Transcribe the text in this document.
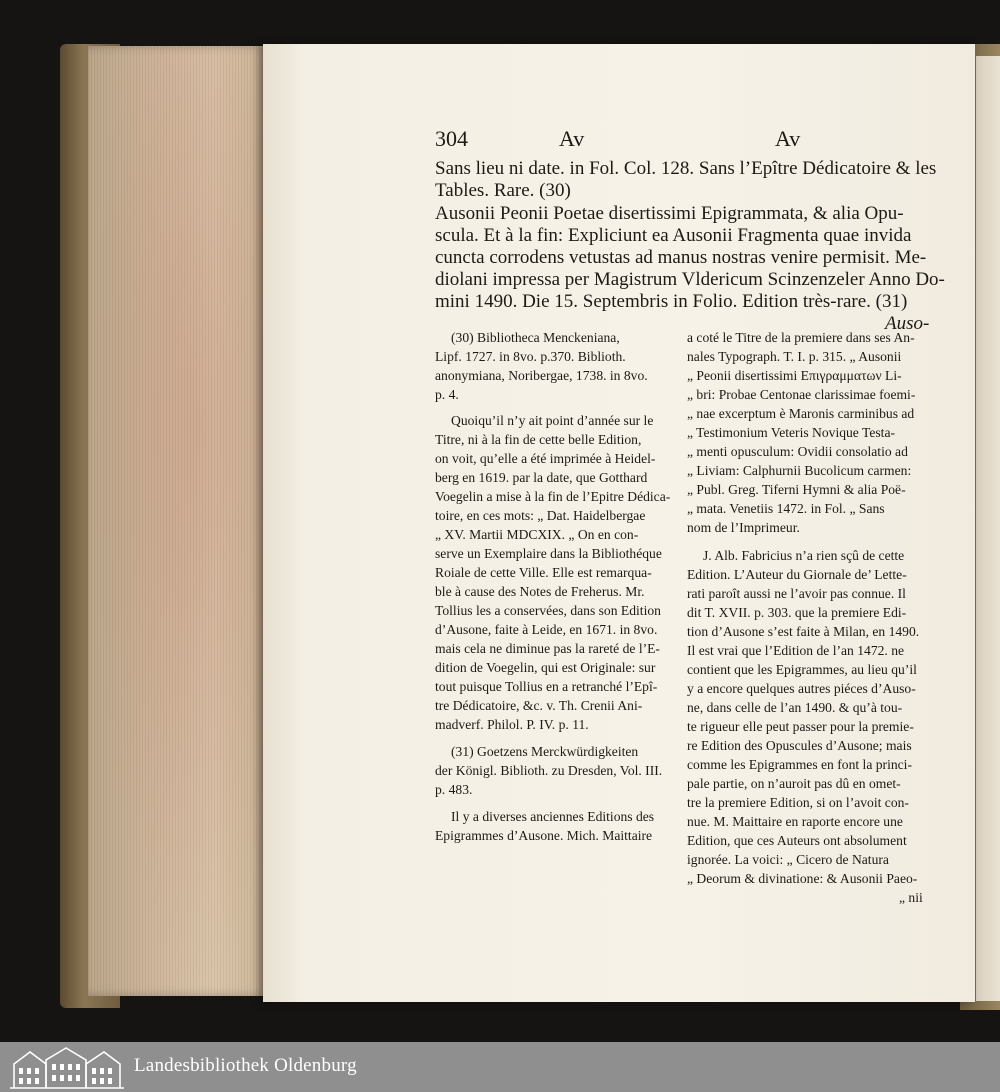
304	Av	Av
Sans lieu ni date. in Fol. Col. 128. Sans l’Epître Dédicatoire & les
Tables. Rare. (30)
Ausonii Peonii Poetae disertissimi Epigrammata, & alia Opu-
scula. Et à la fin: Expliciunt ea Ausonii Fragmenta quae invida
cuncta corrodens vetustas ad manus nostras venire permisit. Me-
diolani impressa per Magistrum Vldericum Scinzenzeler Anno Do-
mini 1490. Die 15. Septembris in Folio. Edition très-rare. (31)
Auso-
(30) Bibliotheca Menckeniana,
Lipf. 1727. in 8vo. p.370. Biblioth.
anonymiana, Noribergae, 1738. in 8vo.
p. 4.
Quoiqu’il n’y ait point d’année sur le
Titre, ni à la fin de cette belle Edition,
on voit, qu’elle a été imprimée à Heidel-
berg en 1619. par la date, que Gotthard
Voegelin a mise à la fin de l’Epitre Dédica-
toire, en ces mots: „ Dat. Haidelbergae
„ XV. Martii MDCXIX. „ On en con-
serve un Exemplaire dans la Bibliothéque
Roiale de cette Ville. Elle est remarqua-
ble à cause des Notes de Freherus. Mr.
Tollius les a conservées, dans son Edition
d’Ausone, faite à Leide, en 1671. in 8vo.
mais cela ne diminue pas la rareté de l’E-
dition de Voegelin, qui est Originale: sur
tout puisque Tollius en a retranché l’Epî-
tre Dédicatoire, &c. v. Th. Crenii Ani-
madverf. Philol. P. IV. p. 11.
(31) Goetzens Merckwürdigkeiten
der Königl. Biblioth. zu Dresden, Vol. III.
p. 483.
Il y a diverses anciennes Editions des
Epigrammes d’Ausone. Mich. Maittaire
a coté le Titre de la premiere dans ses An-
nales Typograph. T. I. p. 315. „ Ausonii
„ Peonii disertissimi Επιγραμματων Li-
„ bri: Probae Centonae clarissimae foemi-
„ nae excerptum è Maronis carminibus ad
„ Testimonium Veteris Novique Testa-
„ menti opusculum: Ovidii consolatio ad
„ Liviam: Calphurnii Bucolicum carmen:
„ Publ. Greg. Tiferni Hymni & alia Poë-
„ mata. Venetiis 1472. in Fol. „ Sans
nom de l’Imprimeur.
J. Alb. Fabricius n’a rien sçû de cette
Edition. L’Auteur du Giornale de’ Lette-
rati paroît aussi ne l’avoir pas connue. Il
dit T. XVII. p. 303. que la premiere Edi-
tion d’Ausone s’est faite à Milan, en 1490.
Il est vrai que l’Edition de l’an 1472. ne
contient que les Epigrammes, au lieu qu’il
y a encore quelques autres piéces d’Auso-
ne, dans celle de l’an 1490. & qu’à tou-
te rigueur elle peut passer pour la premie-
re Edition des Opuscules d’Ausone; mais
comme les Epigrammes en font la princi-
pale partie, on n’auroit pas dû en omet-
tre la premiere Edition, si on l’avoit con-
nue. M. Maittaire en raporte encore une
Edition, que ces Auteurs ont absolument
ignorée. La voici: „ Cicero de Natura
„ Deorum & divinatione: & Ausonii Paeo-
„ nii
Landesbibliothek Oldenburg
